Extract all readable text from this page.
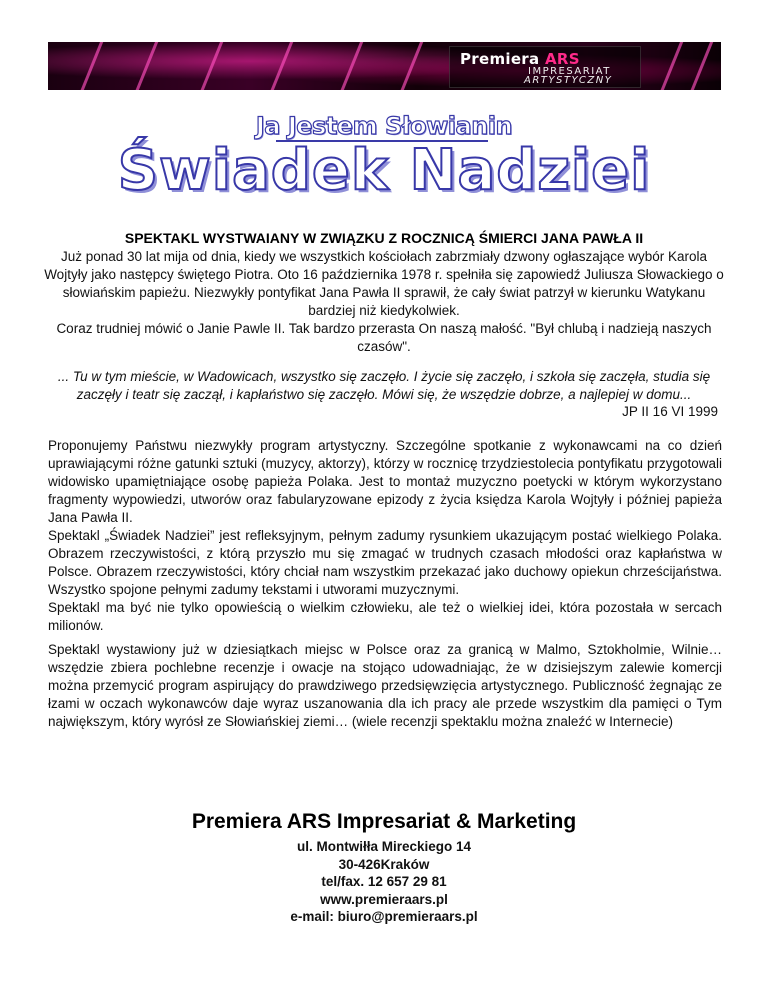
Premiera ARS
IMPRESARIAT
ARTYSTYCZNY
Ja Jestem Słowianin
Świadek Nadziei
SPEKTAKL WYSTWAIANY W ZWIĄZKU Z ROCZNICĄ ŚMIERCI JANA PAWŁA II

Już ponad 30 lat mija od dnia, kiedy we wszystkich kościołach zabrzmiały dzwony ogłaszające wybór Karola Wojtyły jako następcy świętego Piotra. Oto 16 października 1978 r. spełniła się zapowiedź Juliusza Słowackiego o słowiańskim papieżu. Niezwykły pontyfikat Jana Pawła II sprawił, że cały świat patrzył w kierunku Watykanu bardziej niż kiedykolwiek.

Coraz trudniej mówić o Janie Pawle II. Tak bardzo przerasta On naszą małość. "Był chlubą i nadzieją naszych czasów".

... Tu w tym mieście, w Wadowicach, wszystko się zaczęło. I życie się zaczęło, i szkoła się zaczęła, studia się zaczęły i teatr się zaczął, i kapłaństwo się zaczęło. Mówi się, że wszędzie dobrze, a najlepiej w domu...
JP II 16 VI 1999

Proponujemy Państwu niezwykły program artystyczny. Szczególne spotkanie z wykonawcami na co dzień uprawiającymi różne gatunki sztuki (muzycy, aktorzy), którzy w rocznicę trzydziestolecia pontyfikatu przygotowali widowisko upamiętniające osobę papieża Polaka. Jest to montaż muzyczno poetycki w którym wykorzystano fragmenty wypowiedzi, utworów oraz fabularyzowane epizody z życia księdza Karola Wojtyły i później papieża Jana Pawła II.

Spektakl „Świadek Nadziei” jest refleksyjnym, pełnym zadumy rysunkiem ukazującym postać wielkiego Polaka. Obrazem rzeczywistości, z którą przyszło mu się zmagać w trudnych czasach młodości oraz kapłaństwa w Polsce. Obrazem rzeczywistości, który chciał nam wszystkim przekazać jako duchowy opiekun chrześcijaństwa. Wszystko spojone pełnymi zadumy tekstami i utworami muzycznymi.

Spektakl ma być nie tylko opowieścią o wielkim człowieku, ale też o wielkiej idei, która pozostała w sercach milionów.

Spektakl wystawiony już w dziesiątkach miejsc w Polsce oraz za granicą w Malmo, Sztokholmie, Wilnie… wszędzie zbiera pochlebne recenzje i owacje na stojąco udowadniając, że w dzisiejszym zalewie komercji można przemycić program aspirujący do prawdziwego przedsięwzięcia artystycznego. Publiczność żegnając ze łzami w oczach wykonawców daje wyraz uszanowania dla ich pracy ale przede wszystkim dla pamięci o Tym największym, który wyrósł ze Słowiańskiej ziemi… (wiele recenzji spektaklu można znaleźć w Internecie)

Premiera ARS Impresariat & Marketing
ul. Montwiłła Mireckiego 14
30-426Kraków
tel/fax. 12 657 29 81
www.premieraars.pl
e-mail: biuro@premieraars.pl
